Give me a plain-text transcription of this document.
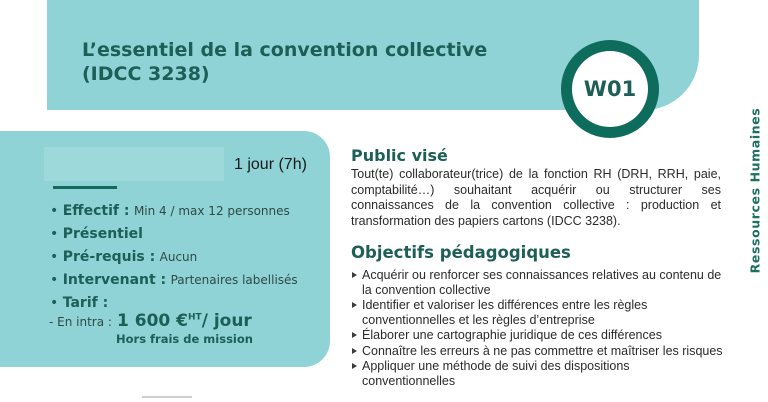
L’essentiel de la convention collective
(IDCC 3238)
W01
Ressources Humaines
1 jour (7h)
• Effectif : Min 4 / max 12 personnes
• Présentiel
• Pré-requis : Aucun
• Intervenant : Partenaires labellisés
• Tarif :
- En intra : 1 600 €$^{HT}$/ jour
Hors frais de mission
Public visé

Tout(te) collaborateur(trice) de la fonction RH (DRH, RRH, paie, comptabilité…) souhaitant acquérir ou structurer ses connaissances de la convention collective : production et transformation des papiers cartons (IDCC 3238).

Objectifs pédagogiques
Acquérir ou renforcer ses connaissances relatives au contenu de la convention collective
Identifier et valoriser les différences entre les règles conventionnelles et les règles d’entreprise
Élaborer une cartographie juridique de ces différences
Connaître les erreurs à ne pas commettre et maîtriser les risques
Appliquer une méthode de suivi des dispositions conventionnelles
